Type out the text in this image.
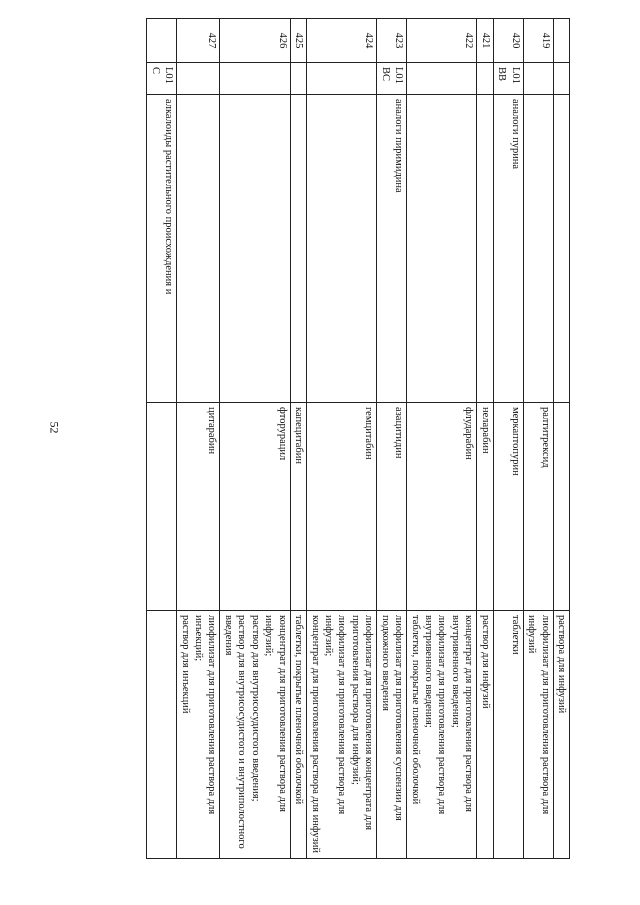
52
				раствора для инфузий
419			ралтитрексид	лиофилизат для приготовления раствора для инфузий

420	L01BB	аналоги пурина	меркаптопурин	таблетки

421			неларабин	раствор для инфузий

422			флударабин	концентрат для приготовления раствора для внутривенного введения;
лиофилизат для приготовления раствора для внутривенного введения;
таблетки, покрытые пленочной оболочкой

423	L01BC	аналоги пиримидина	азацитидин	лиофилизат для приготовления суспензии для подкожного введения

424			гемцитабин	лиофилизат для приготовления концентрата для приготовления раствора для инфузий;
лиофилизат для приготовления раствора для инфузий;
концентрат для приготовления раствора для инфузий

425			капецитабин	таблетки, покрытые пленочной оболочкой

426			фторурацил	концентрат для приготовления раствора для инфузий;
раствор для внутрисосудистого введения;
раствор для внутрисосудистого и внутриполостного введения

427			цитарабин	лиофилизат для приготовления раствора для инъекций;
раствор для инъекций

	L01C	алкалоиды растительного происхождения и		
